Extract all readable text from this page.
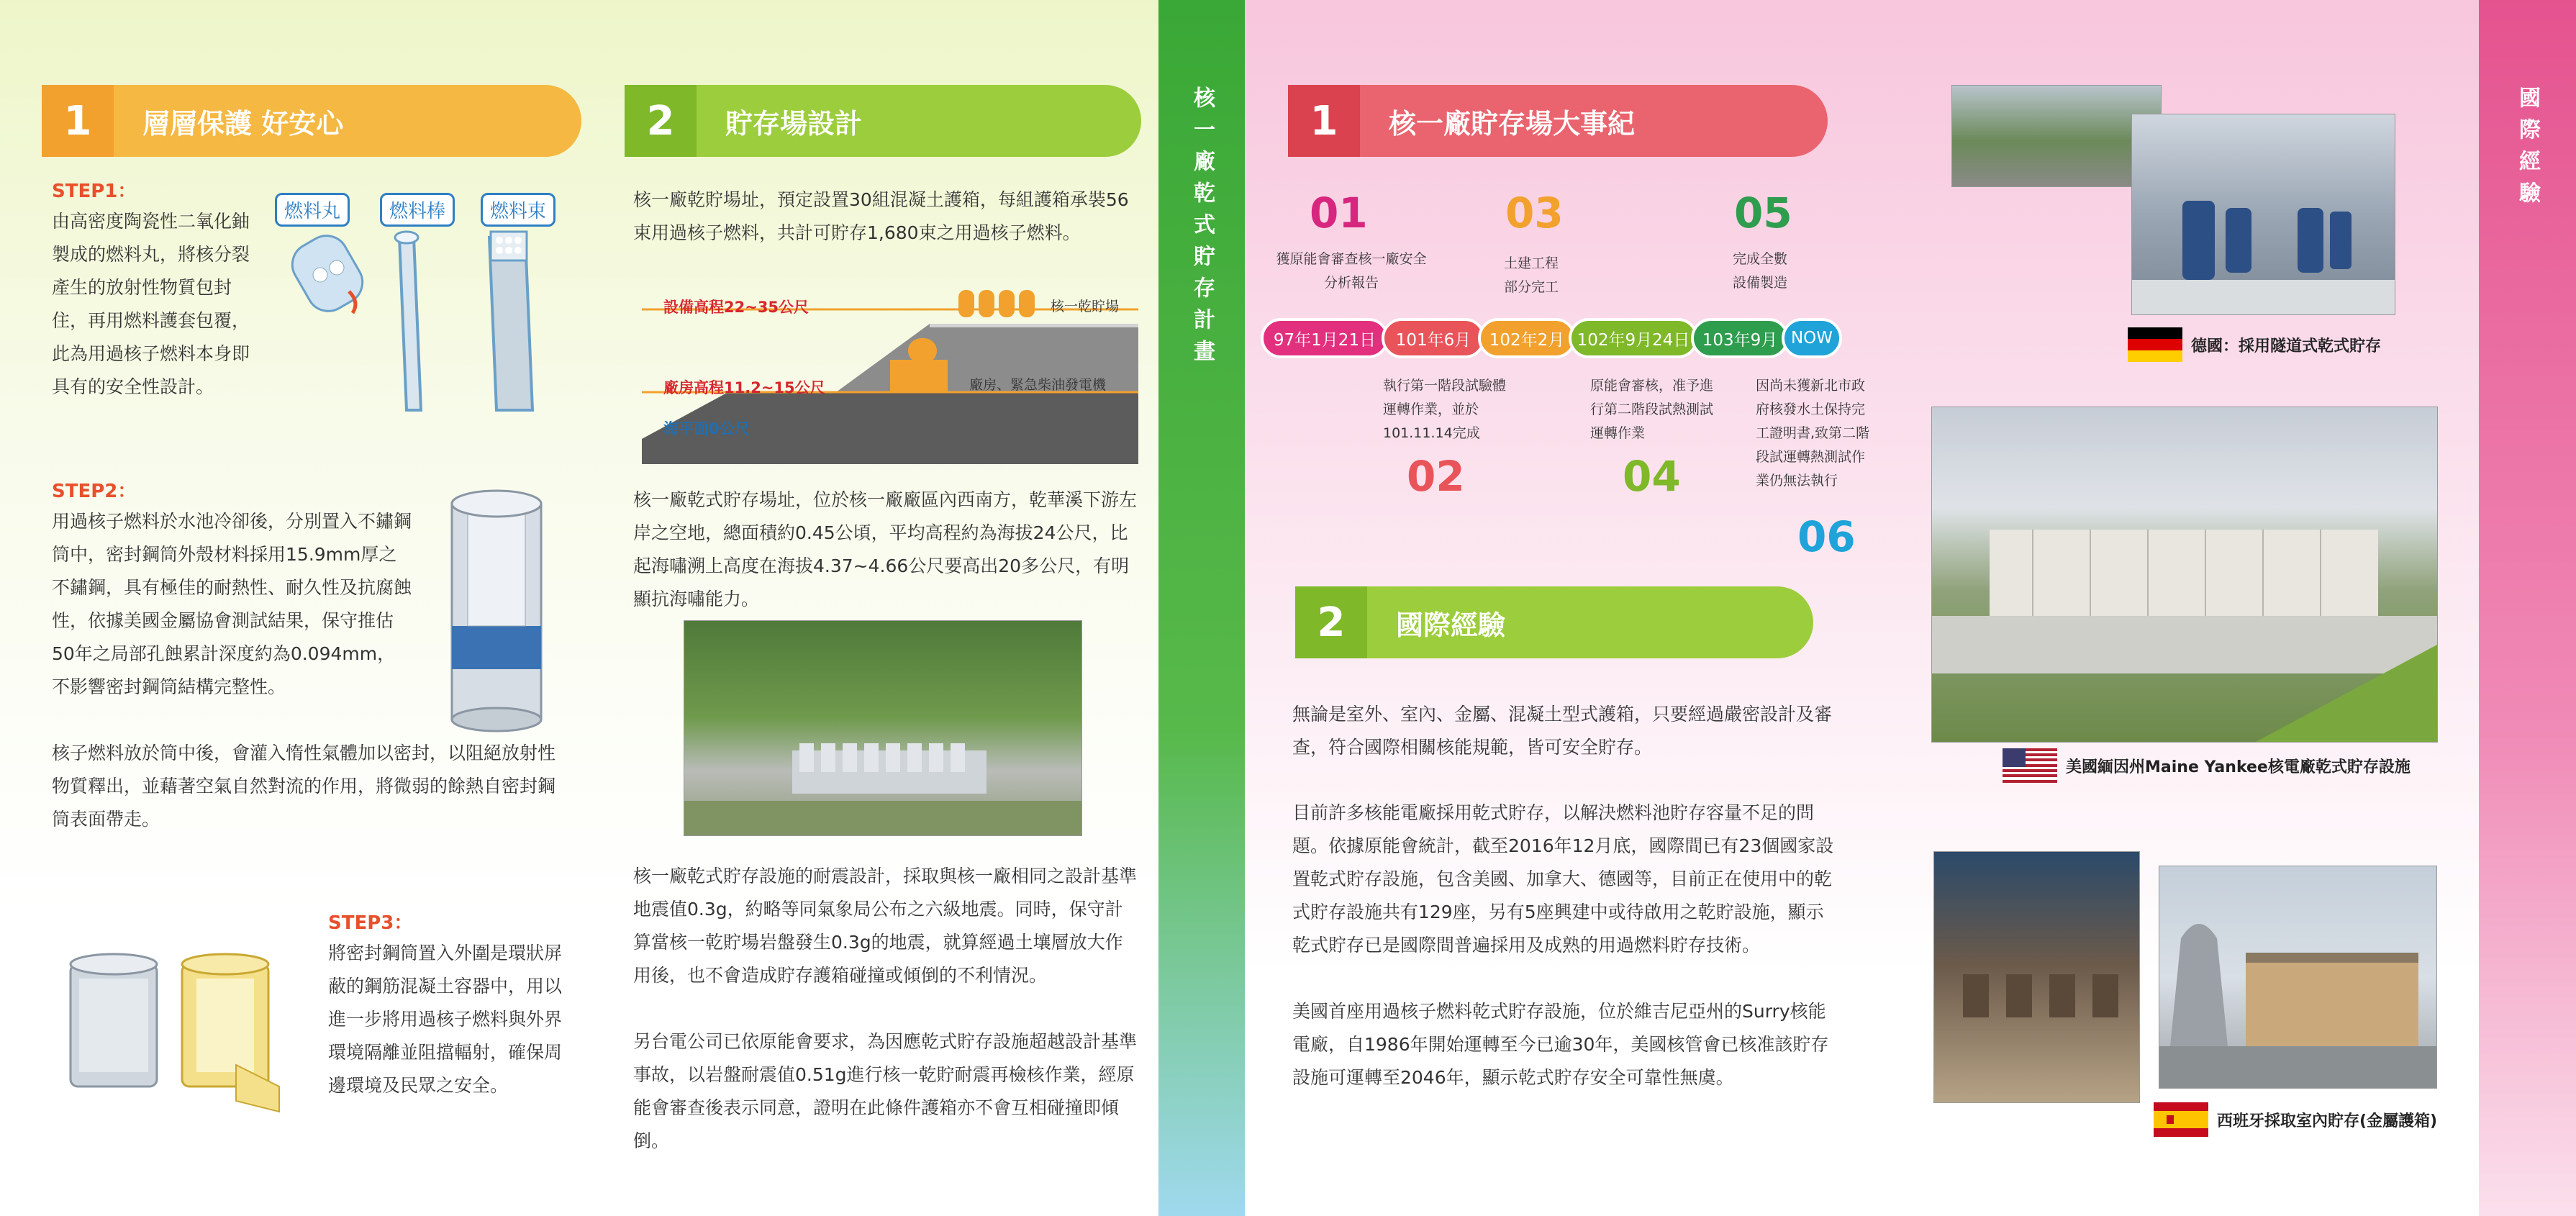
核一廠乾式貯存計畫	國際經驗
1	層層保護 好安心
STEP1：
由高密度陶瓷性二氧化鈾製成的燃料丸，將核分裂產生的放射性物質包封住，再用燃料護套包覆，此為用過核子燃料本身即具有的安全性設計。
燃料丸	燃料棒	燃料束
STEP2：
用過核子燃料於水池冷卻後，分別置入不鏽鋼筒中，密封鋼筒外殼材料採用15.9mm厚之不鏽鋼，具有極佳的耐熱性、耐久性及抗腐蝕性，依據美國金屬協會測試結果，保守推估50年之局部孔蝕累計深度約為0.094mm，不影響密封鋼筒結構完整性。
核子燃料放於筒中後，會灌入惰性氣體加以密封，以阻絕放射性物質釋出，並藉著空氣自然對流的作用，將微弱的餘熱自密封鋼筒表面帶走。
STEP3：
將密封鋼筒置入外圍是環狀屏蔽的鋼筋混凝土容器中，用以進一步將用過核子燃料與外界環境隔離並阻擋輻射，確保周邊環境及民眾之安全。
2	貯存場設計
核一廠乾貯場址，預定設置30組混凝土護箱，每組護箱承裝56束用過核子燃料，共計可貯存1,680束之用過核子燃料。
設備高程22~35公尺
廠房高程11.2~15公尺
海平面0公尺
核一乾貯場
廠房、緊急柴油發電機
核一廠乾式貯存場址，位於核一廠廠區內西南方，乾華溪下游左岸之空地，總面積約0.45公頃，平均高程約為海拔24公尺，比起海嘯溯上高度在海拔4.37~4.66公尺要高出20多公尺，有明顯抗海嘯能力。
核一廠乾式貯存設施的耐震設計，採取與核一廠相同之設計基準地震值0.3g，約略等同氣象局公布之六級地震。同時，保守計算當核一乾貯場岩盤發生0.3g的地震，就算經過土壤層放大作用後，也不會造成貯存護箱碰撞或傾倒的不利情況。
另台電公司已依原能會要求，為因應乾式貯存設施超越設計基準事故，以岩盤耐震值0.51g進行核一乾貯耐震再檢核作業，經原能會審查後表示同意，證明在此條件護箱亦不會互相碰撞即傾倒。
1	核一廠貯存場大事紀
01
獲原能會審查核一廠安全分析報告
03
土建工程部分完工
05
完成全數設備製造
97年1月21日	101年6月	102年2月 102年9月24日 103年9月 NOW
執行第一階段試驗體運轉作業，並於101.11.14完成
02
原能會審核，准予進行第二階段試熱測試運轉作業
04
因尚未獲新北市政府核發水土保持完工證明書,致第二階段試運轉熱測試作業仍無法執行
06
2	國際經驗
無論是室外、室內、金屬、混凝土型式護箱，只要經過嚴密設計及審查，符合國際相關核能規範，皆可安全貯存。
目前許多核能電廠採用乾式貯存，以解決燃料池貯存容量不足的問題。依據原能會統計，截至2016年12月底，國際間已有23個國家設置乾式貯存設施，包含美國、加拿大、德國等，目前正在使用中的乾式貯存設施共有129座，另有5座興建中或待啟用之乾貯設施，顯示乾式貯存已是國際間普遍採用及成熟的用過燃料貯存技術。
美國首座用過核子燃料乾式貯存設施，位於維吉尼亞州的Surry核能電廠，自1986年開始運轉至今已逾30年，美國核管會已核准該貯存設施可運轉至2046年，顯示乾式貯存安全可靠性無虞。
德國：採用隧道式乾式貯存
美國緬因州Maine Yankee核電廠乾式貯存設施
西班牙採取室內貯存(金屬護箱)
